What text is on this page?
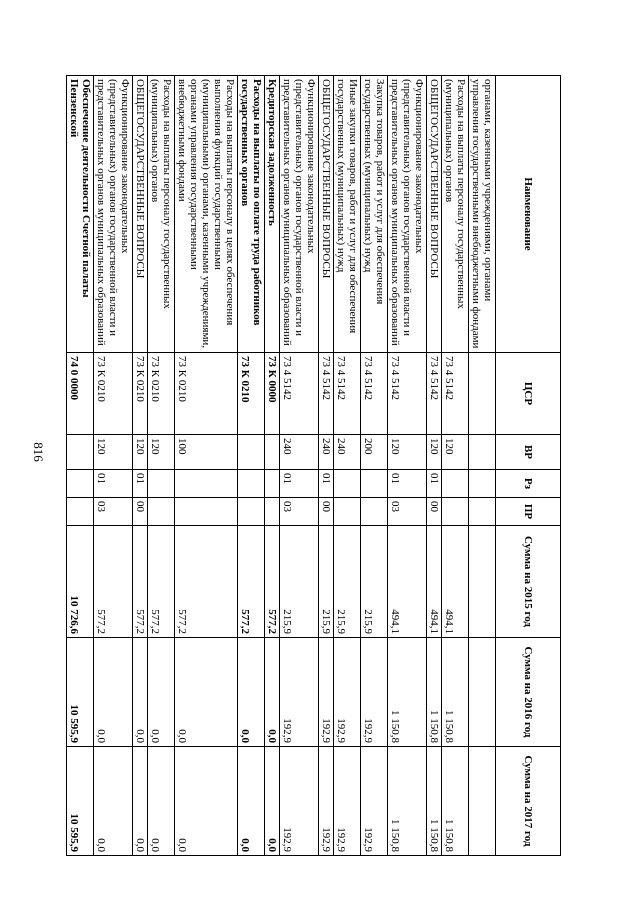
816
Наименование	ЦСР	ВР	Рз	ПР	Сумма на 2015 год	Сумма на 2016 год	Сумма на 2017 год
органами, казенными учреждениями, органами управления государственными внебюджетными фондами							
Расходы на выплаты персоналу государственных (муниципальных) органов	73 4 5142	120			494,1	1 150,8	1 150,8
ОБЩЕГОСУДАРСТВЕННЫЕ ВОПРОСЫ	73 4 5142	120	01	00	494,1	1 150,8	1 150,8
Функционирование законодательных (представительных) органов государственной власти и представительных органов муниципальных образований	73 4 5142	120	01	03	494,1	1 150,8	1 150,8
Закупка товаров, работ и услуг для обеспечения государственных (муниципальных) нужд	73 4 5142	200			215,9	192,9	192,9
Иные закупки товаров, работ и услуг для обеспечения государственных (муниципальных) нужд	73 4 5142	240			215,9	192,9	192,9
ОБЩЕГОСУДАРСТВЕННЫЕ ВОПРОСЫ	73 4 5142	240	01	00	215,9	192,9	192,9
Функционирование законодательных (представительных) органов государственной власти и представительных органов муниципальных образований	73 4 5142	240	01	03	215,9	192,9	192,9
Кредиторская задолженность	73 К 0000				577,2	0,0	0,0
Расходы на выплаты по оплате труда работников государственных органов	73 К 0210				577,2	0,0	0,0
Расходы на выплаты персоналу в целях обеспечения выполнения функций государственными (муниципальными) органами, казенными учреждениями, органами управления государственными внебюджетными фондами	73 К 0210	100			577,2	0,0	0,0
Расходы на выплаты персоналу государственных (муниципальных) органов	73 К 0210	120			577,2	0,0	0,0
ОБЩЕГОСУДАРСТВЕННЫЕ ВОПРОСЫ	73 К 0210	120	01	00	577,2	0,0	0,0
Функционирование законодательных (представительных) органов государственной власти и представительных органов муниципальных образований	73 К 0210	120	01	03	577,2	0,0	0,0
Обеспечение деятельности Счетной палаты Пензенской	74 0 0000				10 726,6	10 595,9	10 595,9
